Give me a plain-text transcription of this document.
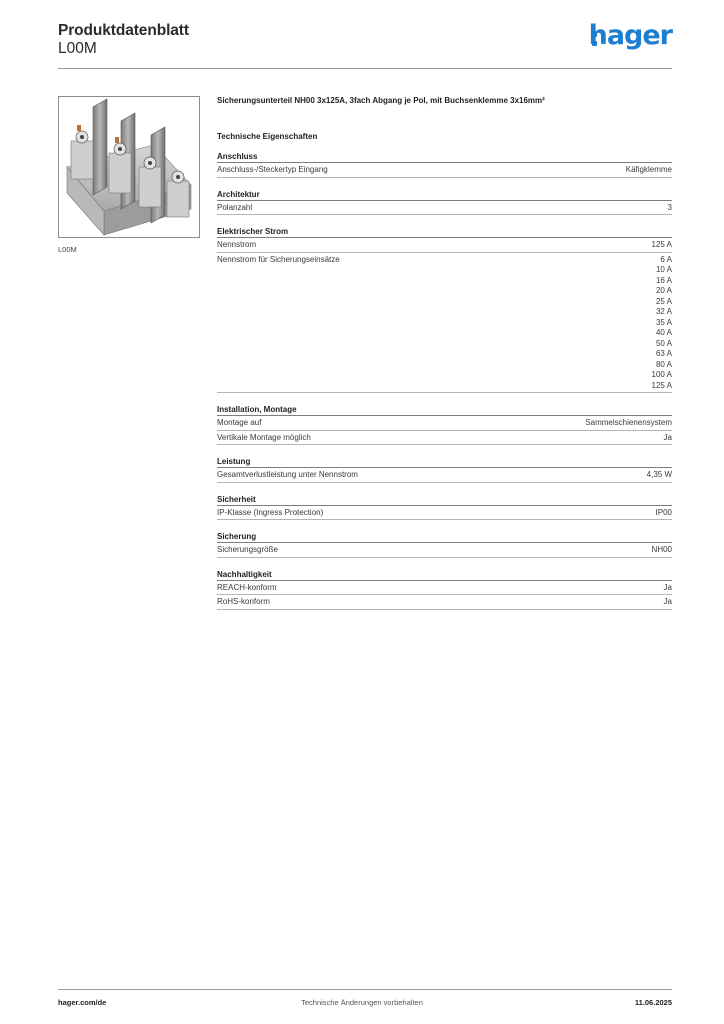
Produktdatenblatt
L00M	hager
L00M
Sicherungsunterteil NH00 3x125A, 3fach Abgang je Pol, mit Buchsenklemme 3x16mm²
Technische Eigenschaften
Anschluss
Anschluss-/Steckertyp Eingang	Käfigklemme
Architektur
Polanzahl	3
Elektrischer Strom
Nennstrom	125 A
Nennstrom für Sicherungseinsätze	6 A
10 A
16 A
20 A
25 A
32 A
35 A
40 A
50 A
63 A
80 A
100 A
125 A
Installation, Montage
Montage auf	Sammelschienensystem
Vertikale Montage möglich	Ja
Leistung
Gesamtverlustleistung unter Nennstrom	4,35 W
Sicherheit
IP-Klasse (Ingress Protection)	IP00
Sicherung
Sicherungsgröße	NH00
Nachhaltigkeit
REACH-konform	Ja
RoHS-konform	Ja
hager.com/de	Technische Änderungen vorbehalten	11.06.2025
